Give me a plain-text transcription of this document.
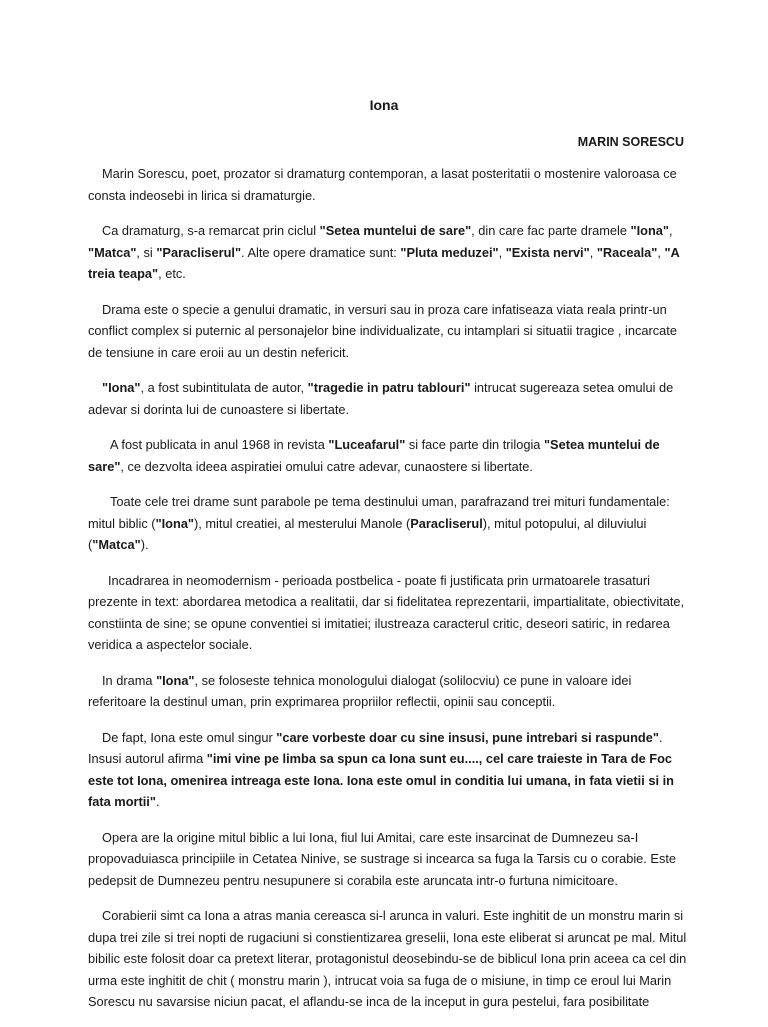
Iona

MARIN SORESCU

Marin Sorescu, poet, prozator si dramaturg contemporan, a lasat posteritatii o mostenire valoroasa ce consta indeosebi in lirica si dramaturgie.

Ca dramaturg, s-a remarcat prin ciclul "Setea muntelui de sare", din care fac parte dramele "Iona", "Matca", si "Paracliserul". Alte opere dramatice sunt: "Pluta meduzei", "Exista nervi", "Raceala", "A treia teapa", etc.

Drama este o specie a genului dramatic, in versuri sau in proza care infatiseaza viata reala printr-un conflict complex si puternic al personajelor bine individualizate, cu intamplari si situatii tragice , incarcate de tensiune in care eroii au un destin nefericit.

"Iona", a fost subintitulata de autor, "tragedie in patru tablouri" intrucat sugereaza setea omului de adevar si dorinta lui de cunoastere si libertate.

A fost publicata in anul 1968 in revista "Luceafarul" si face parte din trilogia "Setea muntelui de sare", ce dezvolta ideea aspiratiei omului catre adevar, cunaostere si libertate.

Toate cele trei drame sunt parabole pe tema destinului uman, parafrazand trei mituri fundamentale: mitul biblic ("Iona"), mitul creatiei, al mesterului Manole (Paracliserul), mitul potopului, al diluviului ("Matca").

Incadrarea in neomodernism - perioada postbelica - poate fi justificata prin urmatoarele trasaturi prezente in text: abordarea metodica a realitatii, dar si fidelitatea reprezentarii, impartialitate, obiectivitate, constiinta de sine; se opune conventiei si imitatiei; ilustreaza caracterul critic, deseori satiric, in redarea veridica a aspectelor sociale.

In drama "Iona", se foloseste tehnica monologului dialogat (solilocviu) ce pune in valoare idei referitoare la destinul uman, prin exprimarea propriilor reflectii, opinii sau conceptii.

De fapt, Iona este omul singur "care vorbeste doar cu sine insusi, pune intrebari si raspunde". Insusi autorul afirma "imi vine pe limba sa spun ca Iona sunt eu...., cel care traieste in Tara de Foc este tot Iona, omenirea intreaga este Iona. Iona este omul in conditia lui umana, in fata vietii si in fata mortii".

Opera are la origine mitul biblic a lui Iona, fiul lui Amitai, care este insarcinat de Dumnezeu sa-I propovaduiasca principiile in Cetatea Ninive, se sustrage si incearca sa fuga la Tarsis cu o corabie. Este pedepsit de Dumnezeu pentru nesupunere si corabila este aruncata intr-o furtuna nimicitoare.

Corabierii simt ca Iona a atras mania cereasca si-l arunca in valuri. Este inghitit de un monstru marin si dupa trei zile si trei nopti de rugaciuni si constientizarea greselii, Iona este eliberat si aruncat pe mal. Mitul bibilic este folosit doar ca pretext literar, protagonistul deosebindu-se de biblicul Iona prin aceea ca cel din urma este inghitit de chit ( monstru marin ), intrucat voia sa fuga de o misiune, in timp ce eroul lui Marin Sorescu nu savarsise niciun pacat, el aflandu-se inca de la inceput in gura pestelui, fara posibilitate
